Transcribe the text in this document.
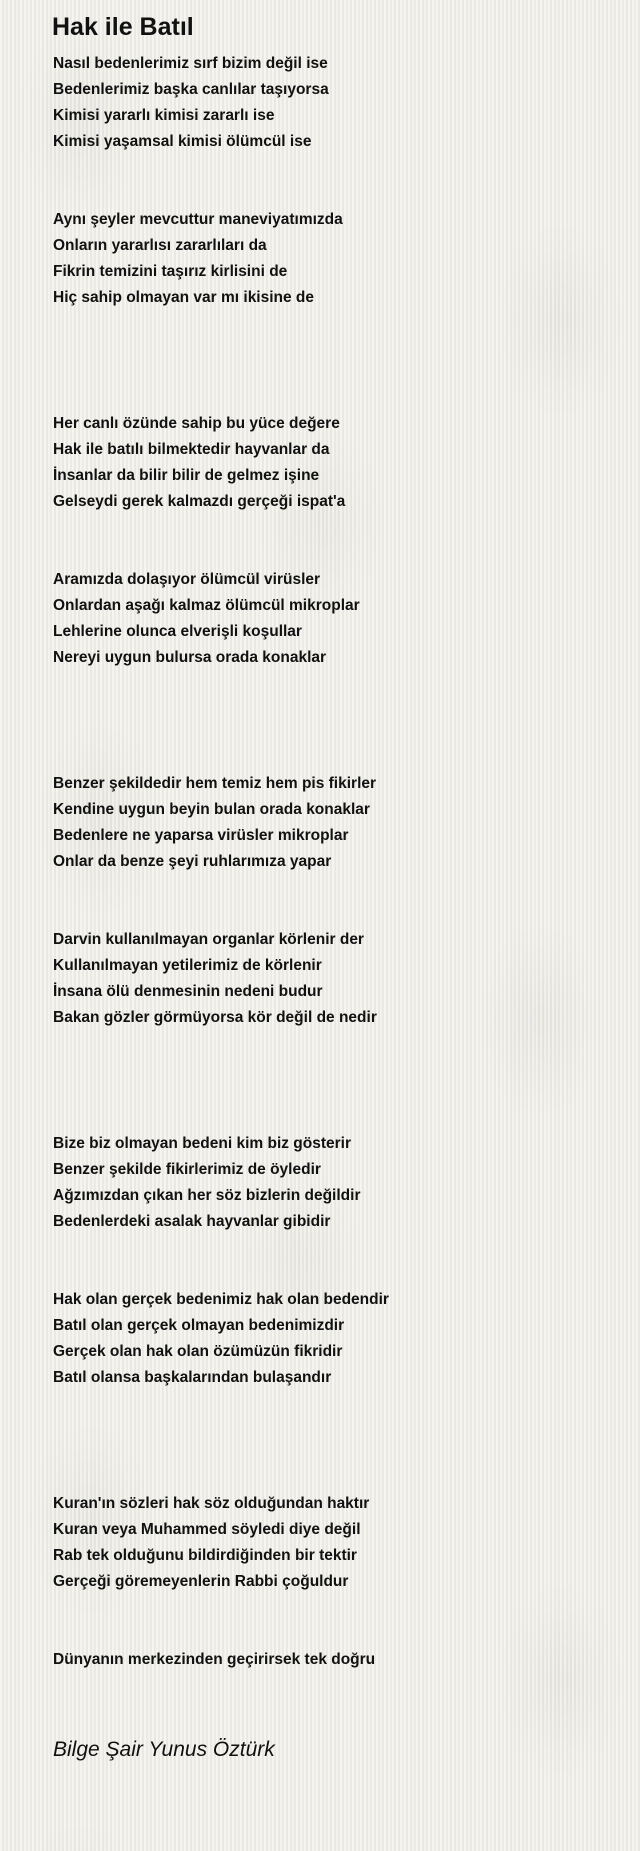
Hak ile Batıl
Nasıl bedenlerimiz sırf bizim değil ise
Bedenlerimiz başka canlılar taşıyorsa
Kimisi yararlı kimisi zararlı ise
Kimisi yaşamsal kimisi ölümcül ise
Aynı şeyler mevcuttur maneviyatımızda
Onların yararlısı zararlıları da
Fikrin temizini taşırız kirlisini de
Hiç sahip olmayan var mı ikisine de
Her canlı özünde sahip bu yüce değere
Hak ile batılı bilmektedir hayvanlar da
İnsanlar da bilir bilir de gelmez işine
Gelseydi gerek kalmazdı gerçeği ispat'a
Aramızda dolaşıyor ölümcül virüsler
Onlardan aşağı kalmaz ölümcül mikroplar
Lehlerine olunca elverişli koşullar
Nereyi uygun bulursa orada konaklar
Benzer şekildedir hem temiz hem pis fikirler
Kendine uygun beyin bulan orada konaklar
Bedenlere ne yaparsa virüsler mikroplar
Onlar da benze şeyi ruhlarımıza yapar
Darvin kullanılmayan organlar körlenir der
Kullanılmayan yetilerimiz de körlenir
İnsana ölü denmesinin nedeni budur
Bakan gözler görmüyorsa kör değil de nedir
Bize biz olmayan bedeni kim biz gösterir
Benzer şekilde fikirlerimiz de öyledir
Ağzımızdan çıkan her söz bizlerin değildir
Bedenlerdeki asalak hayvanlar gibidir
Hak olan gerçek bedenimiz hak olan bedendir
Batıl olan gerçek olmayan bedenimizdir
Gerçek olan hak olan özümüzün fikridir
Batıl olansa başkalarından bulaşandır
Kuran'ın sözleri hak söz olduğundan haktır
Kuran veya Muhammed söyledi diye değil
Rab tek olduğunu bildirdiğinden bir tektir
Gerçeği göremeyenlerin Rabbi çoğuldur
Dünyanın merkezinden geçirirsek tek doğru
Bilge Şair Yunus Öztürk
